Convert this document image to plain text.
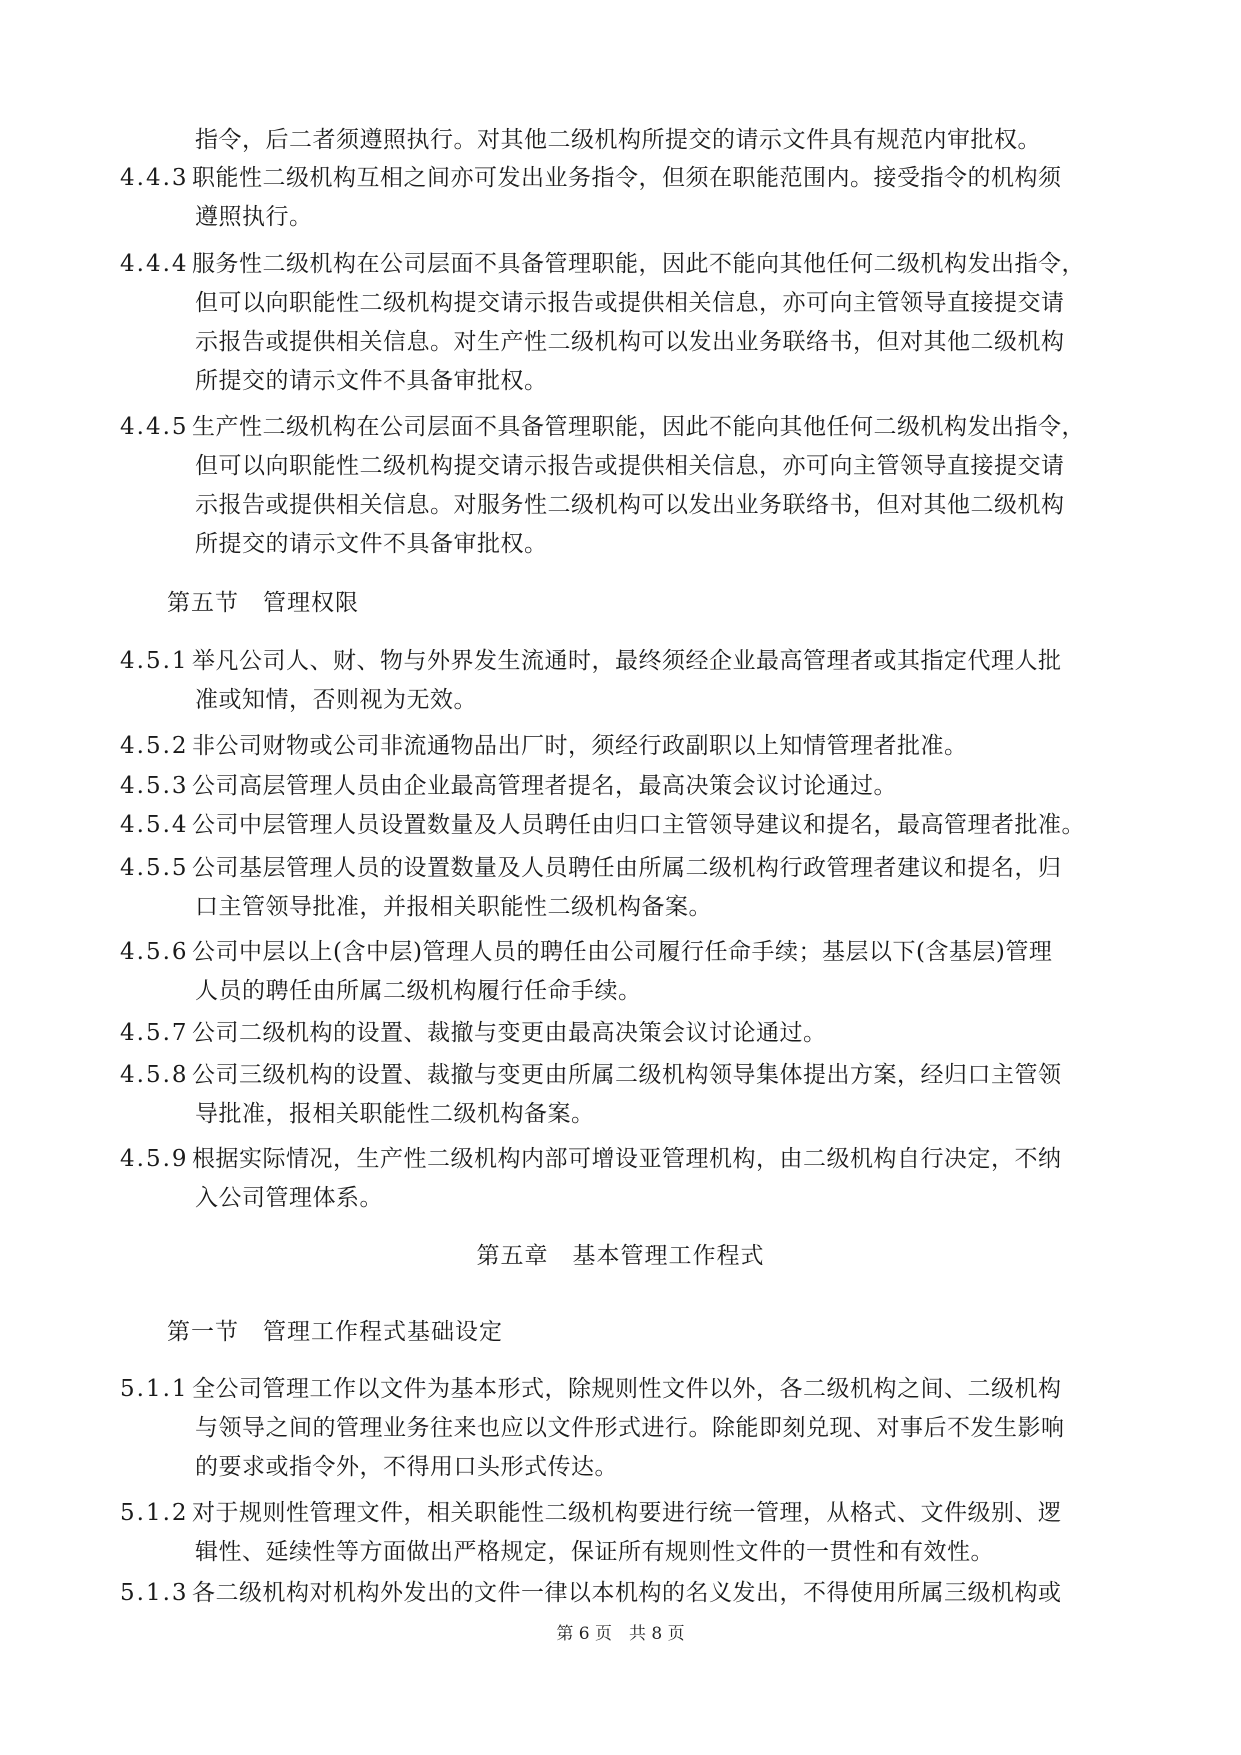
指令，后二者须遵照执行。对其他二级机构所提交的请示文件具有规范内审批权。
4.4.3 职能性二级机构互相之间亦可发出业务指令，但须在职能范围内。接受指令的机构须
遵照执行。
4.4.4 服务性二级机构在公司层面不具备管理职能，因此不能向其他任何二级机构发出指令，
但可以向职能性二级机构提交请示报告或提供相关信息，亦可向主管领导直接提交请
示报告或提供相关信息。对生产性二级机构可以发出业务联络书，但对其他二级机构
所提交的请示文件不具备审批权。
4.4.5 生产性二级机构在公司层面不具备管理职能，因此不能向其他任何二级机构发出指令，
但可以向职能性二级机构提交请示报告或提供相关信息，亦可向主管领导直接提交请
示报告或提供相关信息。对服务性二级机构可以发出业务联络书，但对其他二级机构
所提交的请示文件不具备审批权。
第五节　管理权限
4.5.1 举凡公司人、财、物与外界发生流通时，最终须经企业最高管理者或其指定代理人批
准或知情，否则视为无效。
4.5.2 非公司财物或公司非流通物品出厂时，须经行政副职以上知情管理者批准。
4.5.3 公司高层管理人员由企业最高管理者提名，最高决策会议讨论通过。
4.5.4 公司中层管理人员设置数量及人员聘任由归口主管领导建议和提名，最高管理者批准。
4.5.5 公司基层管理人员的设置数量及人员聘任由所属二级机构行政管理者建议和提名，归
口主管领导批准，并报相关职能性二级机构备案。
4.5.6 公司中层以上(含中层)管理人员的聘任由公司履行任命手续；基层以下(含基层)管理
人员的聘任由所属二级机构履行任命手续。
4.5.7 公司二级机构的设置、裁撤与变更由最高决策会议讨论通过。
4.5.8 公司三级机构的设置、裁撤与变更由所属二级机构领导集体提出方案，经归口主管领
导批准，报相关职能性二级机构备案。
4.5.9 根据实际情况，生产性二级机构内部可增设亚管理机构，由二级机构自行决定，不纳
入公司管理体系。
第五章　基本管理工作程式
第一节　管理工作程式基础设定
5.1.1 全公司管理工作以文件为基本形式，除规则性文件以外，各二级机构之间、二级机构
与领导之间的管理业务往来也应以文件形式进行。除能即刻兑现、对事后不发生影响
的要求或指令外，不得用口头形式传达。
5.1.2 对于规则性管理文件，相关职能性二级机构要进行统一管理，从格式、文件级别、逻
辑性、延续性等方面做出严格规定，保证所有规则性文件的一贯性和有效性。
5.1.3 各二级机构对机构外发出的文件一律以本机构的名义发出，不得使用所属三级机构或
第 6 页　共 8 页
